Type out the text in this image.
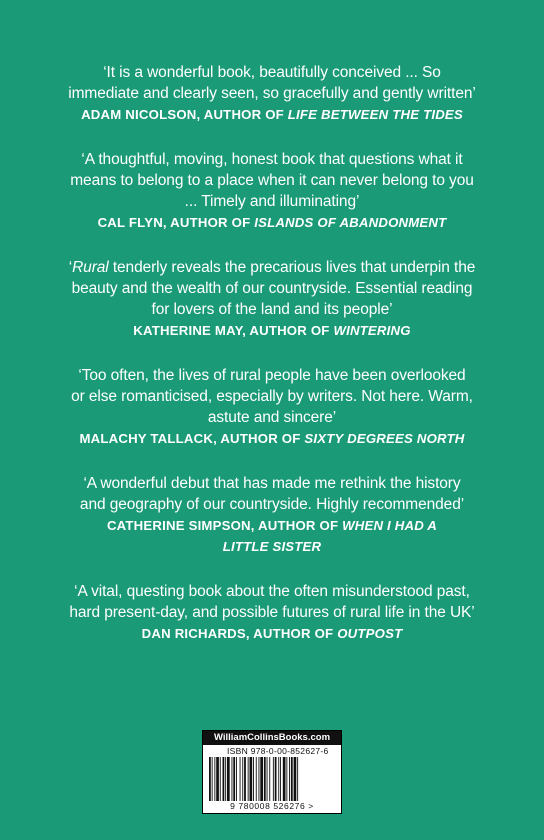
‘It is a wonderful book, beautifully conceived ... So
immediate and clearly seen, so gracefully and gently written’
ADAM NICOLSON, AUTHOR OF LIFE BETWEEN THE TIDES
‘A thoughtful, moving, honest book that questions what it
means to belong to a place when it can never belong to you
... Timely and illuminating’
CAL FLYN, AUTHOR OF ISLANDS OF ABANDONMENT
‘Rural tenderly reveals the precarious lives that underpin the
beauty and the wealth of our countryside. Essential reading
for lovers of the land and its people’
KATHERINE MAY, AUTHOR OF WINTERING
‘Too often, the lives of rural people have been overlooked
or else romanticised, especially by writers. Not here. Warm,
astute and sincere’
MALACHY TALLACK, AUTHOR OF SIXTY DEGREES NORTH
‘A wonderful debut that has made me rethink the history
and geography of our countryside. Highly recommended’
CATHERINE SIMPSON, AUTHOR OF WHEN I HAD A
LITTLE SISTER
‘A vital, questing book about the often misunderstood past,
hard present-day, and possible futures of rural life in the UK’
DAN RICHARDS, AUTHOR OF OUTPOST
WilliamCollinsBooks.com
ISBN 978-0-00-852627-6
9 780008 526276 >
